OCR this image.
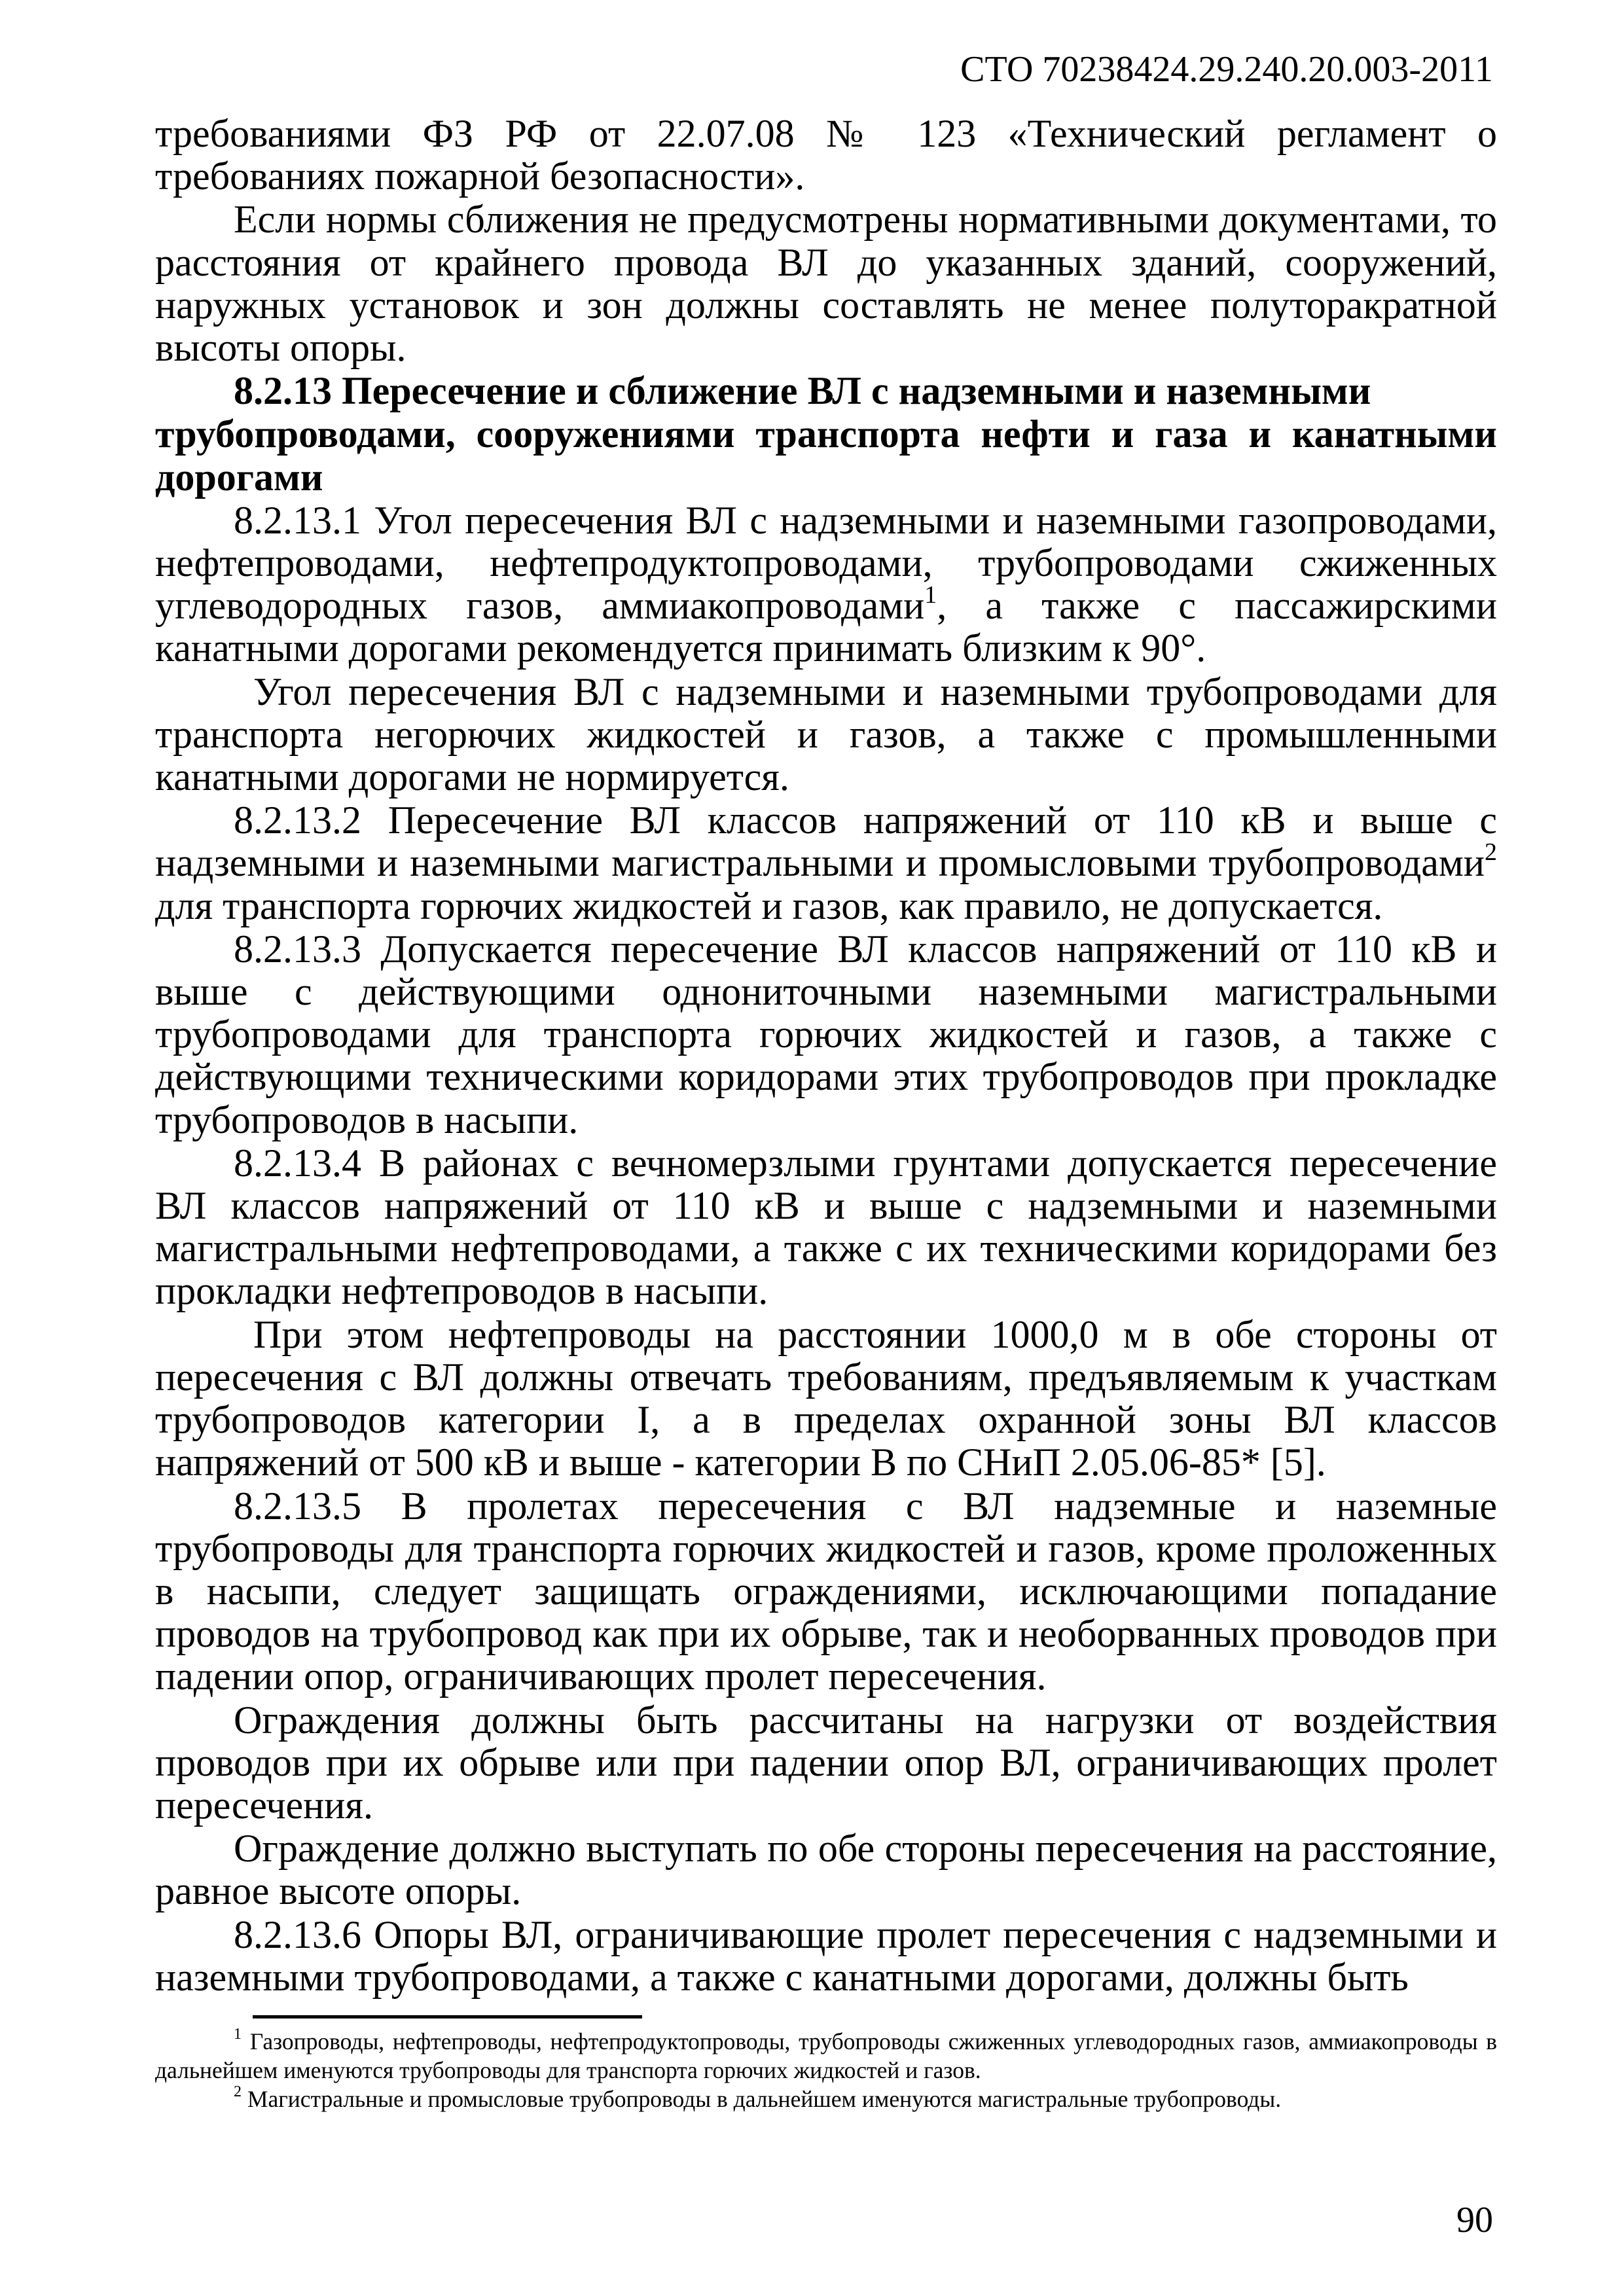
СТО 70238424.29.240.20.003-2011

требованиями ФЗ РФ от 22.07.08 № 123 «Технический регламент о требованиях пожарной безопасности».

Если нормы сближения не предусмотрены нормативными документами, то расстояния от крайнего провода ВЛ до указанных зданий, сооружений, наружных установок и зон должны составлять не менее полуторакратной высоты опоры.

8.2.13 Пересечение и сближение ВЛ с надземными и наземными

трубопроводами, сооружениями транспорта нефти и газа и канатными дорогами

8.2.13.1 Угол пересечения ВЛ с надземными и наземными газопроводами, нефтепроводами, нефтепродуктопроводами, трубопроводами сжиженных углеводородных газов, аммиакопроводами$^1$, а также с пассажирскими канатными дорогами рекомендуется принимать близким к 90°.

Угол пересечения ВЛ с надземными и наземными трубопроводами для транспорта негорючих жидкостей и газов, а также с промышленными канатными дорогами не нормируется.

8.2.13.2 Пересечение ВЛ классов напряжений от 110 кВ и выше с надземными и наземными магистральными и промысловыми трубопроводами$^2$ для транспорта горючих жидкостей и газов, как правило, не допускается.

8.2.13.3 Допускается пересечение ВЛ классов напряжений от 110 кВ и выше с действующими однониточными наземными магистральными трубопроводами для транспорта горючих жидкостей и газов, а также с действующими техническими коридорами этих трубопроводов при прокладке трубопроводов в насыпи.

8.2.13.4 В районах с вечномерзлыми грунтами допускается пересечение ВЛ классов напряжений от 110 кВ и выше с надземными и наземными магистральными нефтепроводами, а также с их техническими коридорами без прокладки нефтепроводов в насыпи.

При этом нефтепроводы на расстоянии 1000,0 м в обе стороны от пересечения с ВЛ должны отвечать требованиям, предъявляемым к участкам трубопроводов категории I, а в пределах охранной зоны ВЛ классов напряжений от 500 кВ и выше - категории В по СНиП 2.05.06-85* [5].

8.2.13.5 В пролетах пересечения с ВЛ надземные и наземные трубопроводы для транспорта горючих жидкостей и газов, кроме проложенных в насыпи, следует защищать ограждениями, исключающими попадание проводов на трубопровод как при их обрыве, так и необорванных проводов при падении опор, ограничивающих пролет пересечения.

Ограждения должны быть рассчитаны на нагрузки от воздействия проводов при их обрыве или при падении опор ВЛ, ограничивающих пролет пересечения.

Ограждение должно выступать по обе стороны пересечения на расстояние, равное высоте опоры.

8.2.13.6 Опоры ВЛ, ограничивающие пролет пересечения с надземными и наземными трубопроводами, а также с канатными дорогами, должны быть

$^1$ Газопроводы, нефтепроводы, нефтепродуктопроводы, трубопроводы сжиженных углеводородных газов, аммиакопроводы в дальнейшем именуются трубопроводы для транспорта горючих жидкостей и газов.

$^2$ Магистральные и промысловые трубопроводы в дальнейшем именуются магистральные трубопроводы.

90
